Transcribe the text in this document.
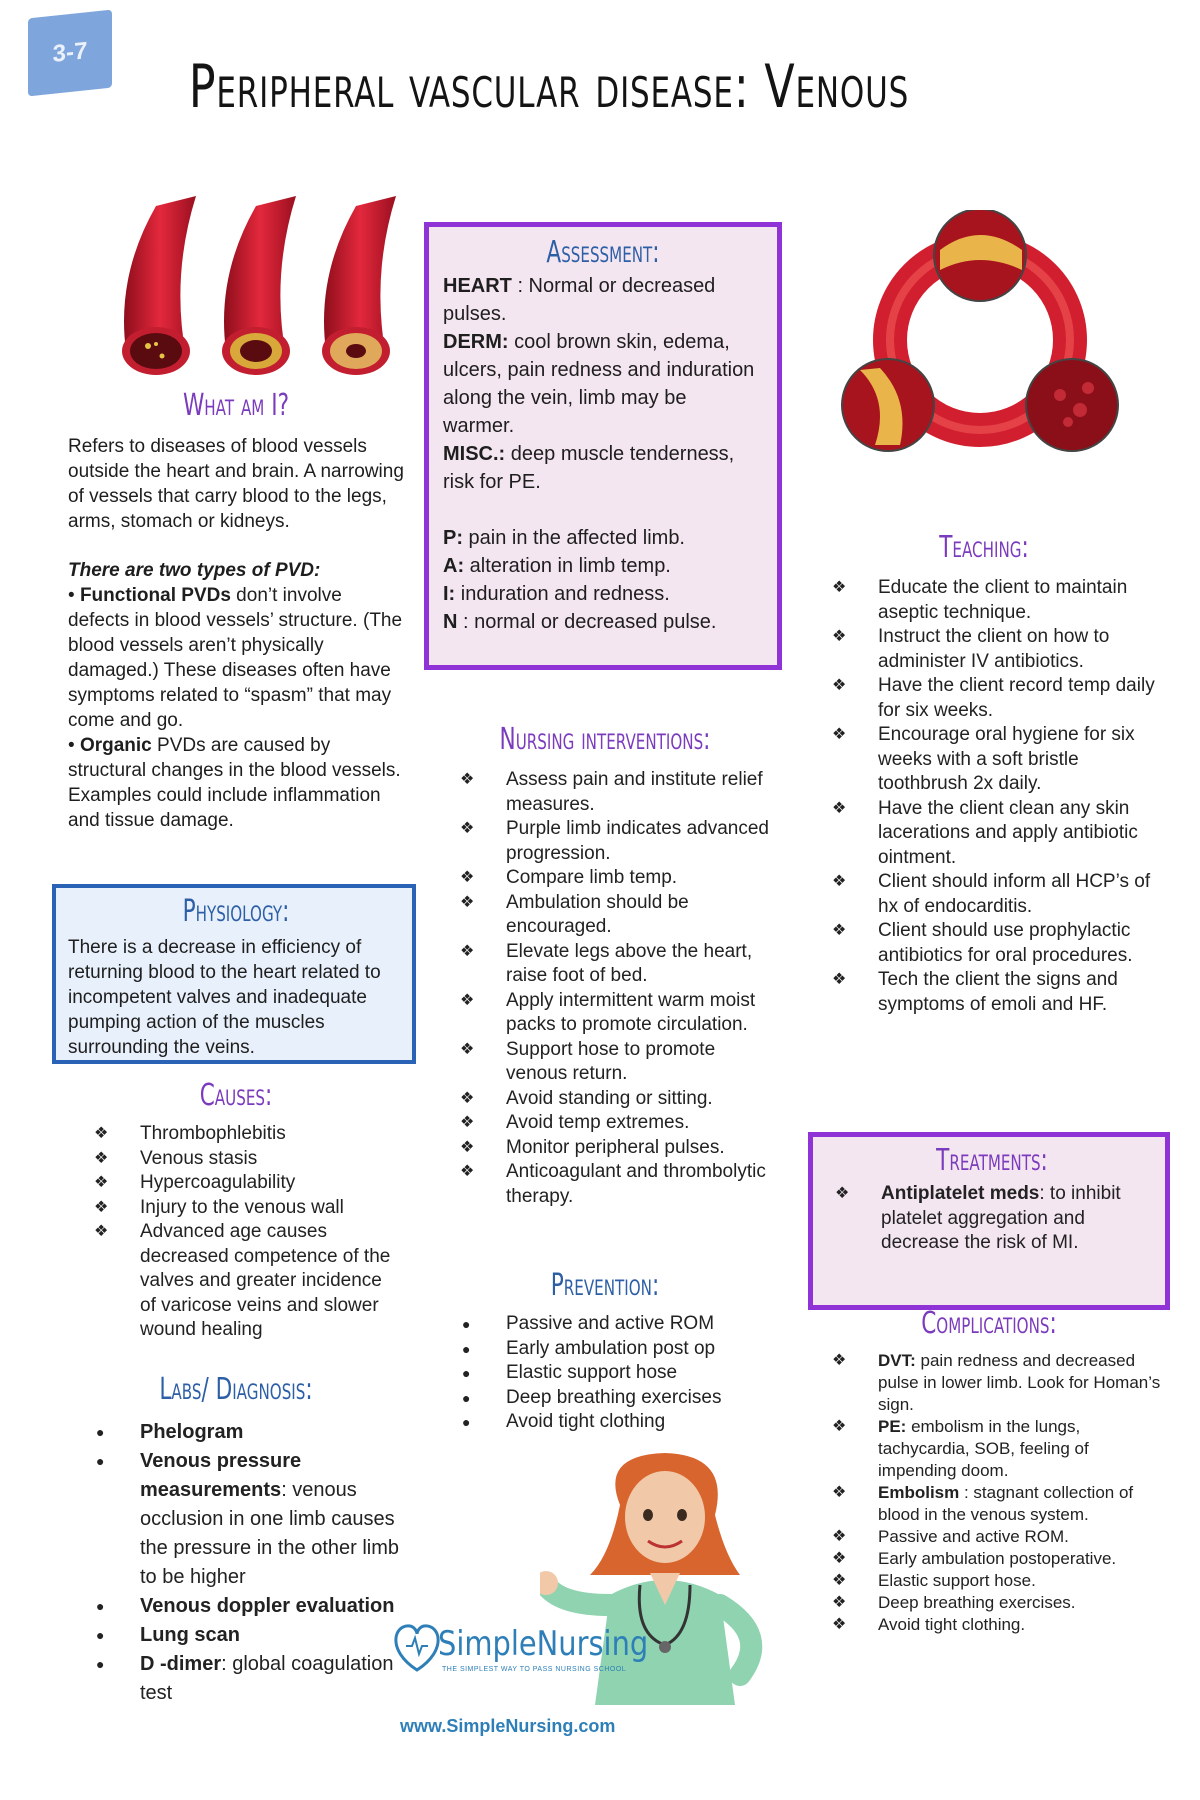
3-7 Peripheral vascular disease: Venous
What am I?
Refers to diseases of blood vessels outside the heart and brain. A narrowing of vessels that carry blood to the legs, arms, stomach or kidneys.
There are two types of PVD:
• Functional PVDs don’t involve defects in blood vessels’ structure. (The blood vessels aren’t physically damaged.) These diseases often have symptoms related to “spasm” that may come and go.
• Organic PVDs are caused by structural changes in the blood vessels. Examples could include inflammation and tissue damage.
Physiology:
There is a decrease in efficiency of returning blood to the heart related to incompetent valves and inadequate pumping action of the muscles surrounding the veins.
Causes:
❖ Thrombophlebitis
❖ Venous stasis
❖ Hypercoagulability
❖ Injury to the venous wall
❖ Advanced age causes decreased competence of the valves and greater incidence of varicose veins and slower wound healing
Labs/ Diagnosis:
● Phelogram
● Venous pressure measurements: venous occlusion in one limb causes the pressure in the other limb to be higher
● Venous doppler evaluation
● Lung scan
● D -dimer: global coagulation test
Assessment:
HEART : Normal or decreased pulses.
DERM: cool brown skin, edema, ulcers, pain redness and induration along the vein, limb may be warmer.
MISC.: deep muscle tenderness, risk for PE.
P: pain in the affected limb.
A: alteration in limb temp.
I: induration and redness.
N : normal or decreased pulse.
Nursing interventions:
❖ Assess pain and institute relief measures.
❖ Purple limb indicates advanced progression.
❖ Compare limb temp.
❖ Ambulation should be encouraged.
❖ Elevate legs above the heart, raise foot of bed.
❖ Apply intermittent warm moist packs to promote circulation.
❖ Support hose to promote venous return.
❖ Avoid standing or sitting.
❖ Avoid temp extremes.
❖ Monitor peripheral pulses.
❖ Anticoagulant and thrombolytic therapy.
Prevention:
● Passive and active ROM
● Early ambulation post op
● Elastic support hose
● Deep breathing exercises
● Avoid tight clothing
SimpleNursing
THE SIMPLEST WAY TO PASS NURSING SCHOOL
www.SimpleNursing.com
Teaching:
❖ Educate the client to maintain aseptic technique.
❖ Instruct the client on how to administer IV antibiotics.
❖ Have the client record temp daily for six weeks.
❖ Encourage oral hygiene for six weeks with a soft bristle toothbrush 2x daily.
❖ Have the client clean any skin lacerations and apply antibiotic ointment.
❖ Client should inform all HCP’s of hx of endocarditis.
❖ Client should use prophylactic antibiotics for oral procedures.
❖ Tech the client the signs and symptoms of emoli and HF.
Treatments:
❖ Antiplatelet meds: to inhibit platelet aggregation and decrease the risk of MI.
Complications:
❖ DVT: pain redness and decreased pulse in lower limb. Look for Homan’s sign.
❖ PE: embolism in the lungs, tachycardia, SOB, feeling of impending doom.
❖ Embolism : stagnant collection of blood in the venous system.
❖ Passive and active ROM.
❖ Early ambulation postoperative.
❖ Elastic support hose.
❖ Deep breathing exercises.
❖ Avoid tight clothing.
